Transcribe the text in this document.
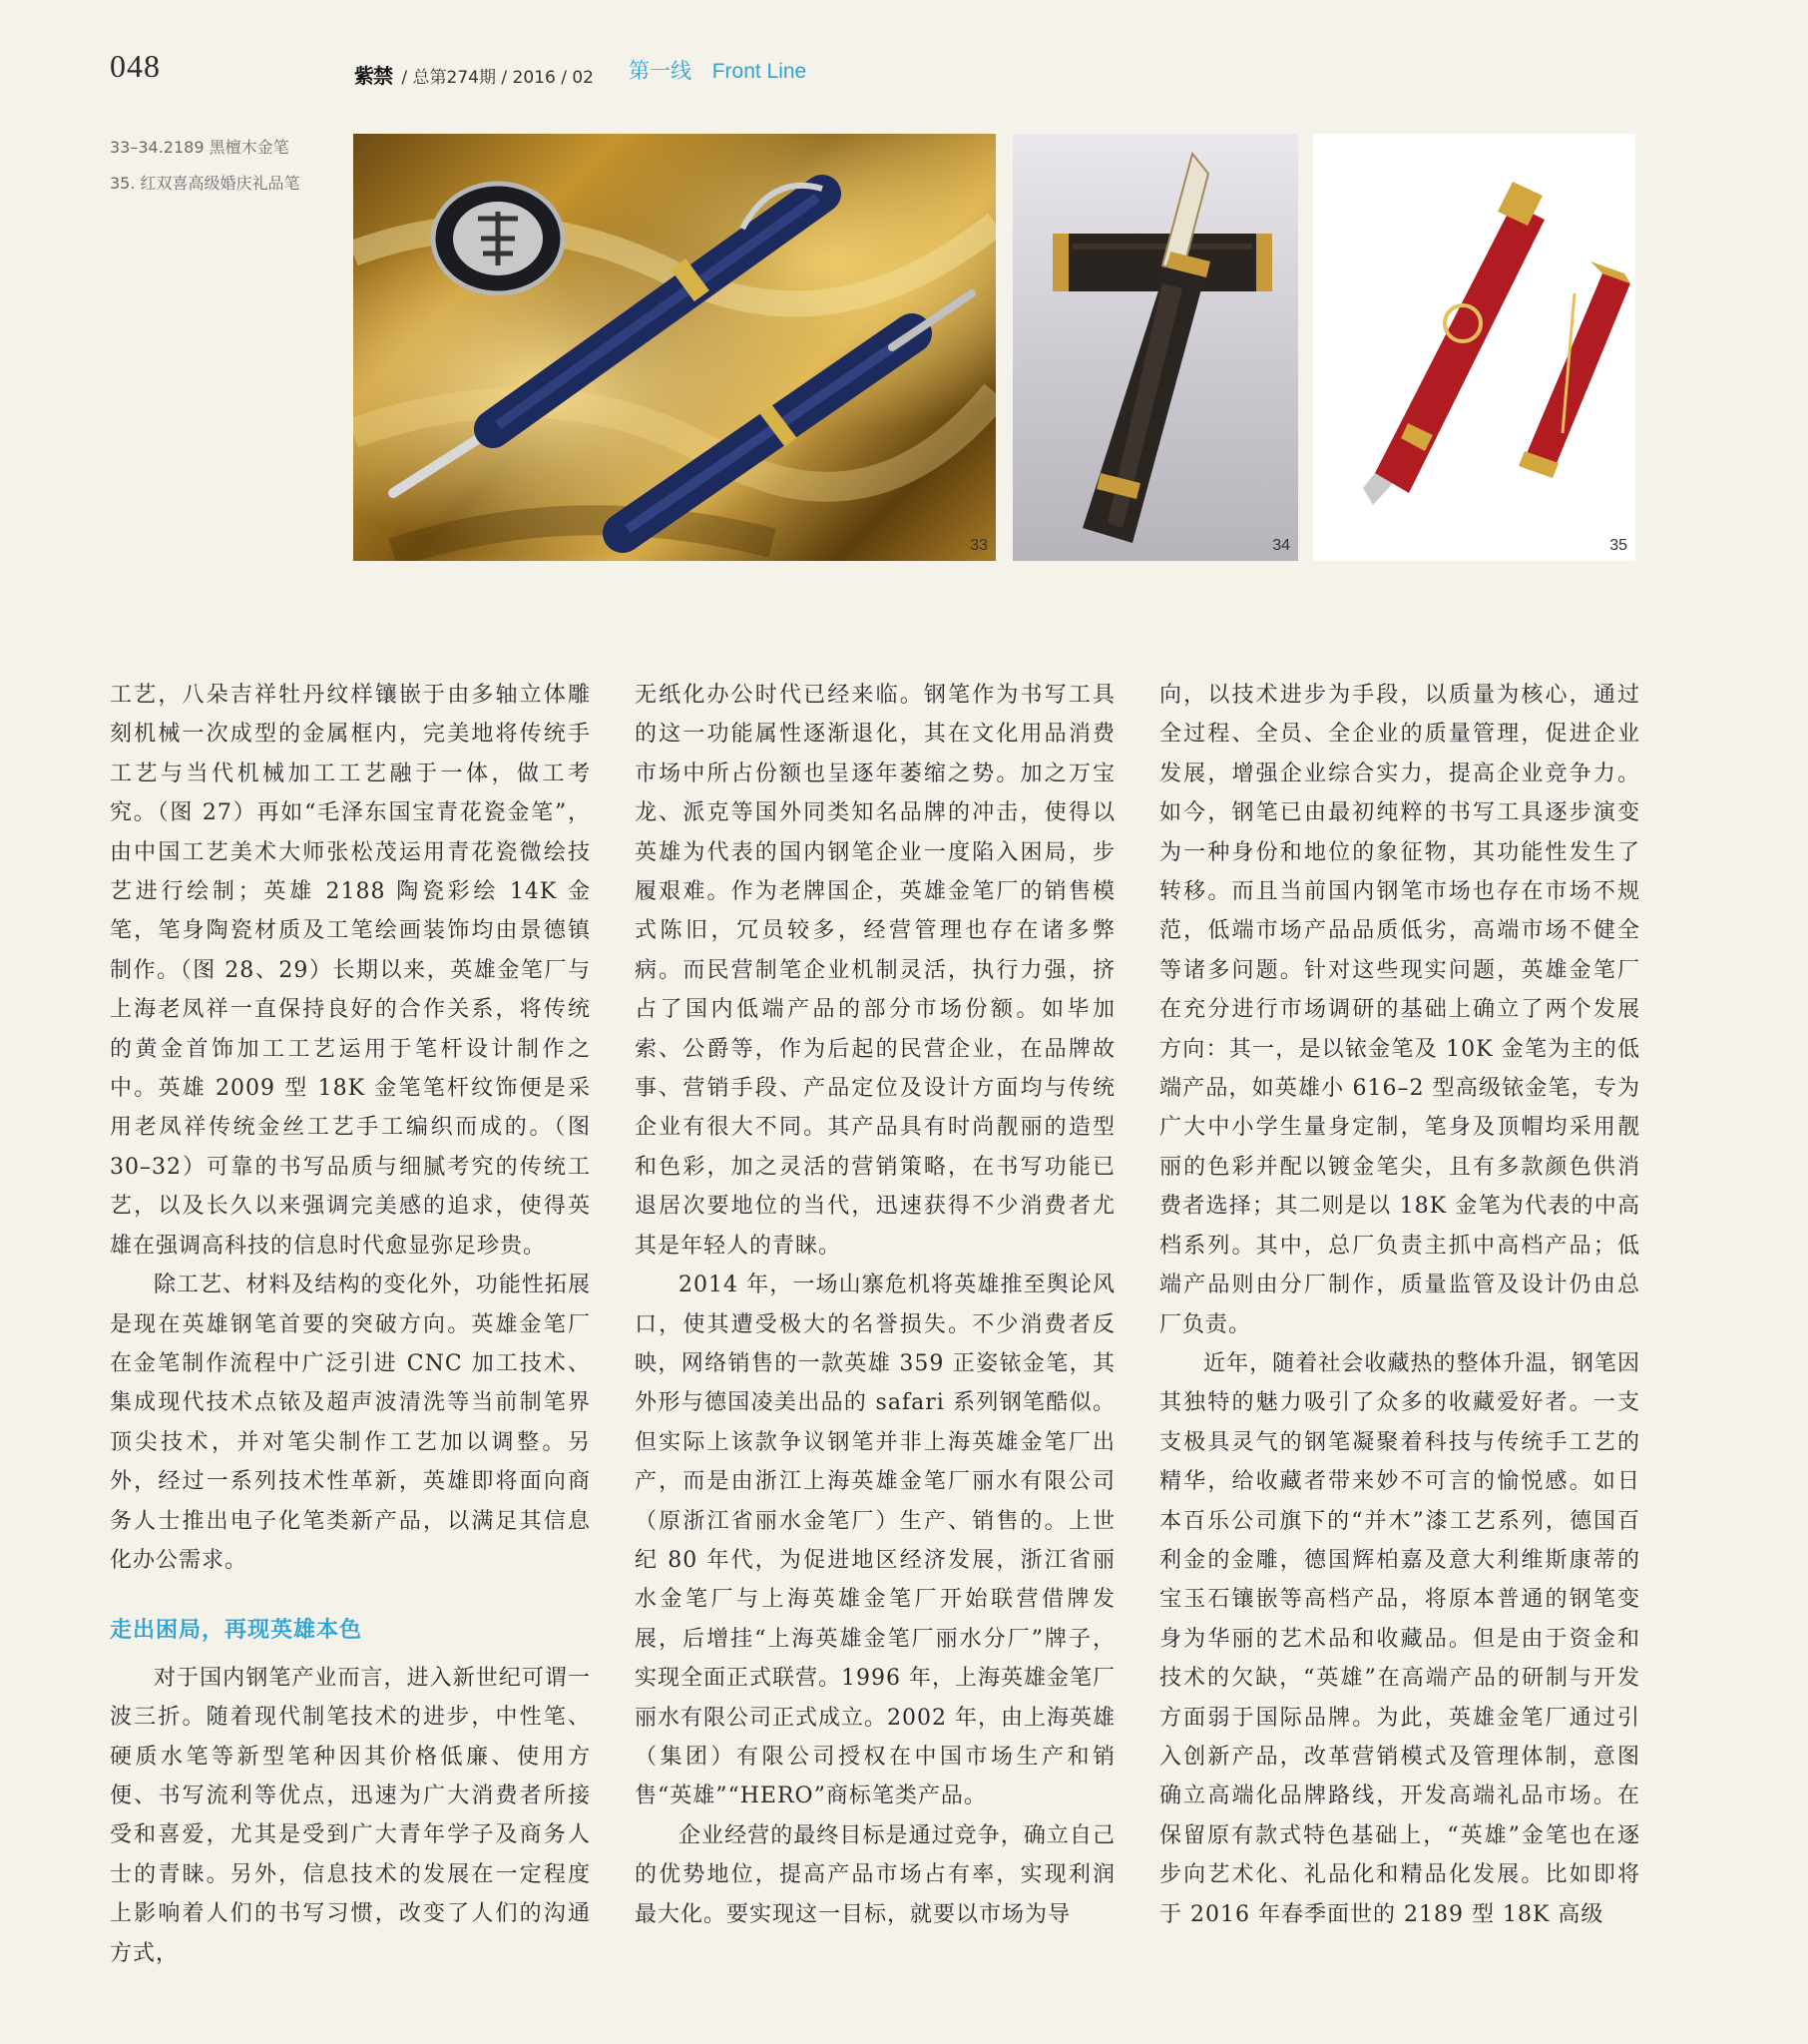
048	紫禁 / 总第274期 / 2016 / 02 第一线 Front Line
33–34.2189 黑檀木金笔
35. 红双喜高级婚庆礼品笔
33	34	35

工艺，八朵吉祥牡丹纹样镶嵌于由多轴立体雕刻机械一次成型的金属框内，完美地将传统手工艺与当代机械加工工艺融于一体，做工考究。（图 27）再如“毛泽东国宝青花瓷金笔”，由中国工艺美术大师张松茂运用青花瓷微绘技艺进行绘制；英雄 2188 陶瓷彩绘 14K 金笔，笔身陶瓷材质及工笔绘画装饰均由景德镇制作。（图 28、29）长期以来，英雄金笔厂与上海老凤祥一直保持良好的合作关系，将传统的黄金首饰加工工艺运用于笔杆设计制作之中。英雄 2009 型 18K 金笔笔杆纹饰便是采用老凤祥传统金丝工艺手工编织而成的。（图 30–32）可靠的书写品质与细腻考究的传统工艺，以及长久以来强调完美感的追求，使得英雄在强调高科技的信息时代愈显弥足珍贵。

除工艺、材料及结构的变化外，功能性拓展是现在英雄钢笔首要的突破方向。英雄金笔厂在金笔制作流程中广泛引进 CNC 加工技术、集成现代技术点铱及超声波清洗等当前制笔界顶尖技术，并对笔尖制作工艺加以调整。另外，经过一系列技术性革新，英雄即将面向商务人士推出电子化笔类新产品，以满足其信息化办公需求。

走出困局，再现英雄本色

对于国内钢笔产业而言，进入新世纪可谓一波三折。随着现代制笔技术的进步，中性笔、硬质水笔等新型笔种因其价格低廉、使用方便、书写流利等优点，迅速为广大消费者所接受和喜爱，尤其是受到广大青年学子及商务人士的青睐。另外，信息技术的发展在一定程度上影响着人们的书写习惯，改变了人们的沟通方式，

无纸化办公时代已经来临。钢笔作为书写工具的这一功能属性逐渐退化，其在文化用品消费市场中所占份额也呈逐年萎缩之势。加之万宝龙、派克等国外同类知名品牌的冲击，使得以英雄为代表的国内钢笔企业一度陷入困局，步履艰难。作为老牌国企，英雄金笔厂的销售模式陈旧，冗员较多，经营管理也存在诸多弊病。而民营制笔企业机制灵活，执行力强，挤占了国内低端产品的部分市场份额。如毕加索、公爵等，作为后起的民营企业，在品牌故事、营销手段、产品定位及设计方面均与传统企业有很大不同。其产品具有时尚靓丽的造型和色彩，加之灵活的营销策略，在书写功能已退居次要地位的当代，迅速获得不少消费者尤其是年轻人的青睐。

2014 年，一场山寨危机将英雄推至舆论风口，使其遭受极大的名誉损失。不少消费者反映，网络销售的一款英雄 359 正姿铱金笔，其外形与德国凌美出品的 safari 系列钢笔酷似。但实际上该款争议钢笔并非上海英雄金笔厂出产，而是由浙江上海英雄金笔厂丽水有限公司（原浙江省丽水金笔厂）生产、销售的。上世纪 80 年代，为促进地区经济发展，浙江省丽水金笔厂与上海英雄金笔厂开始联营借牌发展，后增挂“上海英雄金笔厂丽水分厂”牌子，实现全面正式联营。1996 年，上海英雄金笔厂丽水有限公司正式成立。2002 年，由上海英雄（集团）有限公司授权在中国市场生产和销售“英雄”“HERO”商标笔类产品。

企业经营的最终目标是通过竞争，确立自己的优势地位，提高产品市场占有率，实现利润最大化。要实现这一目标，就要以市场为导

向，以技术进步为手段，以质量为核心，通过全过程、全员、全企业的质量管理，促进企业发展，增强企业综合实力，提高企业竞争力。如今，钢笔已由最初纯粹的书写工具逐步演变为一种身份和地位的象征物，其功能性发生了转移。而且当前国内钢笔市场也存在市场不规范，低端市场产品品质低劣，高端市场不健全等诸多问题。针对这些现实问题，英雄金笔厂在充分进行市场调研的基础上确立了两个发展方向：其一，是以铱金笔及 10K 金笔为主的低端产品，如英雄小 616–2 型高级铱金笔，专为广大中小学生量身定制，笔身及顶帽均采用靓丽的色彩并配以镀金笔尖，且有多款颜色供消费者选择；其二则是以 18K 金笔为代表的中高档系列。其中，总厂负责主抓中高档产品；低端产品则由分厂制作，质量监管及设计仍由总厂负责。

近年，随着社会收藏热的整体升温，钢笔因其独特的魅力吸引了众多的收藏爱好者。一支支极具灵气的钢笔凝聚着科技与传统手工艺的精华，给收藏者带来妙不可言的愉悦感。如日本百乐公司旗下的“并木”漆工艺系列，德国百利金的金雕，德国辉柏嘉及意大利维斯康蒂的宝玉石镶嵌等高档产品，将原本普通的钢笔变身为华丽的艺术品和收藏品。但是由于资金和技术的欠缺，“英雄”在高端产品的研制与开发方面弱于国际品牌。为此，英雄金笔厂通过引入创新产品，改革营销模式及管理体制，意图确立高端化品牌路线，开发高端礼品市场。在保留原有款式特色基础上，“英雄”金笔也在逐步向艺术化、礼品化和精品化发展。比如即将于 2016 年春季面世的 2189 型 18K 高级
